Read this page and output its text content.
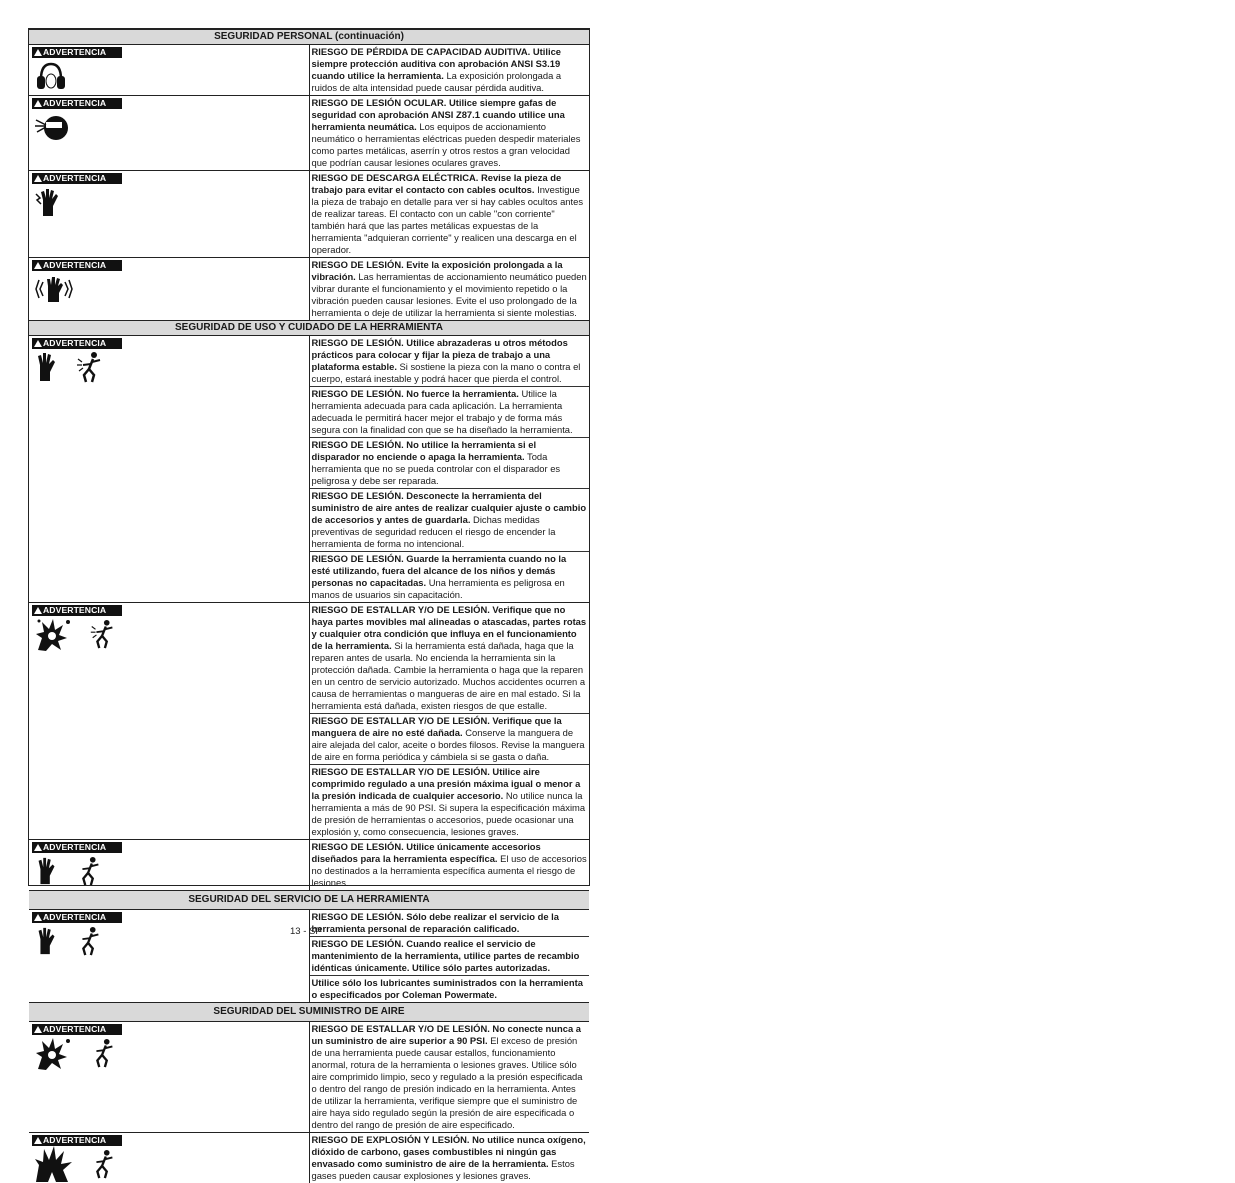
SEGURIDAD PERSONAL (continuación)	

ADVERTENCIA	RIESGO DE PÉRDIDA DE CAPACIDAD AUDITIVA. Utilice siempre protección auditiva con aprobación ANSI S3.19 cuando utilice la herramienta. La exposición prolongada a ruidos de alta intensidad puede causar pérdida auditiva.

ADVERTENCIA	RIESGO DE LESIÓN OCULAR. Utilice siempre gafas de seguridad con aprobación ANSI Z87.1 cuando utilice una herramienta neumática. Los equipos de accionamiento neumático o herramientas eléctricas pueden despedir materiales como partes metálicas, aserrín y otros restos a gran velocidad que podrían causar lesiones oculares graves.

ADVERTENCIA	RIESGO DE DESCARGA ELÉCTRICA. Revise la pieza de trabajo para evitar el contacto con cables ocultos. Investigue la pieza de trabajo en detalle para ver si hay cables ocultos antes de realizar tareas. El contacto con un cable "con corriente" también hará que las partes metálicas expuestas de la herramienta "adquieran corriente" y realicen una descarga en el operador.

ADVERTENCIA	RIESGO DE LESIÓN. Evite la exposición prolongada a la vibración. Las herramientas de accionamiento neumático pueden vibrar durante el funcionamiento y el movimiento repetido o la vibración pueden causar lesiones. Evite el uso prolongado de la herramienta o deje de utilizar la herramienta si siente molestias.
SEGURIDAD DE USO Y CUIDADO DE LA HERRAMIENTA	

ADVERTENCIA	RIESGO DE LESIÓN. Utilice abrazaderas u otros métodos prácticos para colocar y fijar la pieza de trabajo a una plataforma estable. Si sostiene la pieza con la mano o contra el cuerpo, estará inestable y podrá hacer que pierda el control.
	RIESGO DE LESIÓN. No fuerce la herramienta. Utilice la herramienta adecuada para cada aplicación. La herramienta adecuada le permitirá hacer mejor el trabajo y de forma más segura con la finalidad con que se ha diseñado la herramienta.
	RIESGO DE LESIÓN. No utilice la herramienta si el disparador no enciende o apaga la herramienta. Toda herramienta que no se pueda controlar con el disparador es peligrosa y debe ser reparada.
	RIESGO DE LESIÓN. Desconecte la herramienta del suministro de aire antes de realizar cualquier ajuste o cambio de accesorios y antes de guardarla. Dichas medidas preventivas de seguridad reducen el riesgo de encender la herramienta de forma no intencional.
	RIESGO DE LESIÓN. Guarde la herramienta cuando no la esté utilizando, fuera del alcance de los niños y demás personas no capacitadas. Una herramienta es peligrosa en manos de usuarios sin capacitación.

ADVERTENCIA	RIESGO DE ESTALLAR Y/O DE LESIÓN. Verifique que no haya partes movibles mal alineadas o atascadas, partes rotas y cualquier otra condición que influya en el funcionamiento de la herramienta. Si la herramienta está dañada, haga que la reparen antes de usarla. No encienda la herramienta sin la protección dañada. Cambie la herramienta o haga que la reparen en un centro de servicio autorizado. Muchos accidentes ocurren a causa de herramientas o mangueras de aire en mal estado. Si la herramienta está dañada, existen riesgos de que estalle.
	RIESGO DE ESTALLAR Y/O DE LESIÓN. Verifique que la manguera de aire no esté dañada. Conserve la manguera de aire alejada del calor, aceite o bordes filosos. Revise la manguera de aire en forma periódica y cámbiela si se gasta o daña.
	RIESGO DE ESTALLAR Y/O DE LESIÓN. Utilice aire comprimido regulado a una presión máxima igual o menor a la presión indicada de cualquier accesorio. No utilice nunca la herramienta a más de 90 PSI. Si supera la especificación máxima de presión de herramientas o accesorios, puede ocasionar una explosión y, como consecuencia, lesiones graves.

ADVERTENCIA	RIESGO DE LESIÓN. Utilice únicamente accesorios diseñados para la herramienta específica. El uso de accesorios no destinados a la herramienta específica aumenta el riesgo de lesiones.
SEGURIDAD DEL SERVICIO DE LA HERRAMIENTA	

ADVERTENCIA	RIESGO DE LESIÓN. Sólo debe realizar el servicio de la herramienta personal de reparación calificado.
	RIESGO DE LESIÓN. Cuando realice el servicio de mantenimiento de la herramienta, utilice partes de recambio idénticas únicamente. Utilice sólo partes autorizadas.
	Utilice sólo los lubricantes suministrados con la herramienta o especificados por Coleman Powermate.
SEGURIDAD DEL SUMINISTRO DE AIRE	

ADVERTENCIA	RIESGO DE ESTALLAR Y/O DE LESIÓN. No conecte nunca a un suministro de aire superior a 90 PSI. El exceso de presión de una herramienta puede causar estallos, funcionamiento anormal, rotura de la herramienta o lesiones graves. Utilice sólo aire comprimido limpio, seco y regulado a la presión especificada o dentro del rango de presión indicado en la herramienta. Antes de utilizar la herramienta, verifique siempre que el suministro de aire haya sido regulado según la presión de aire especificada o dentro del rango de presión de aire especificado.

ADVERTENCIA	RIESGO DE EXPLOSIÓN Y LESIÓN. No utilice nunca oxígeno, dióxido de carbono, gases combustibles ni ningún gas envasado como suministro de aire de la herramienta. Estos gases pueden causar explosiones y lesiones graves.
13 - SP
